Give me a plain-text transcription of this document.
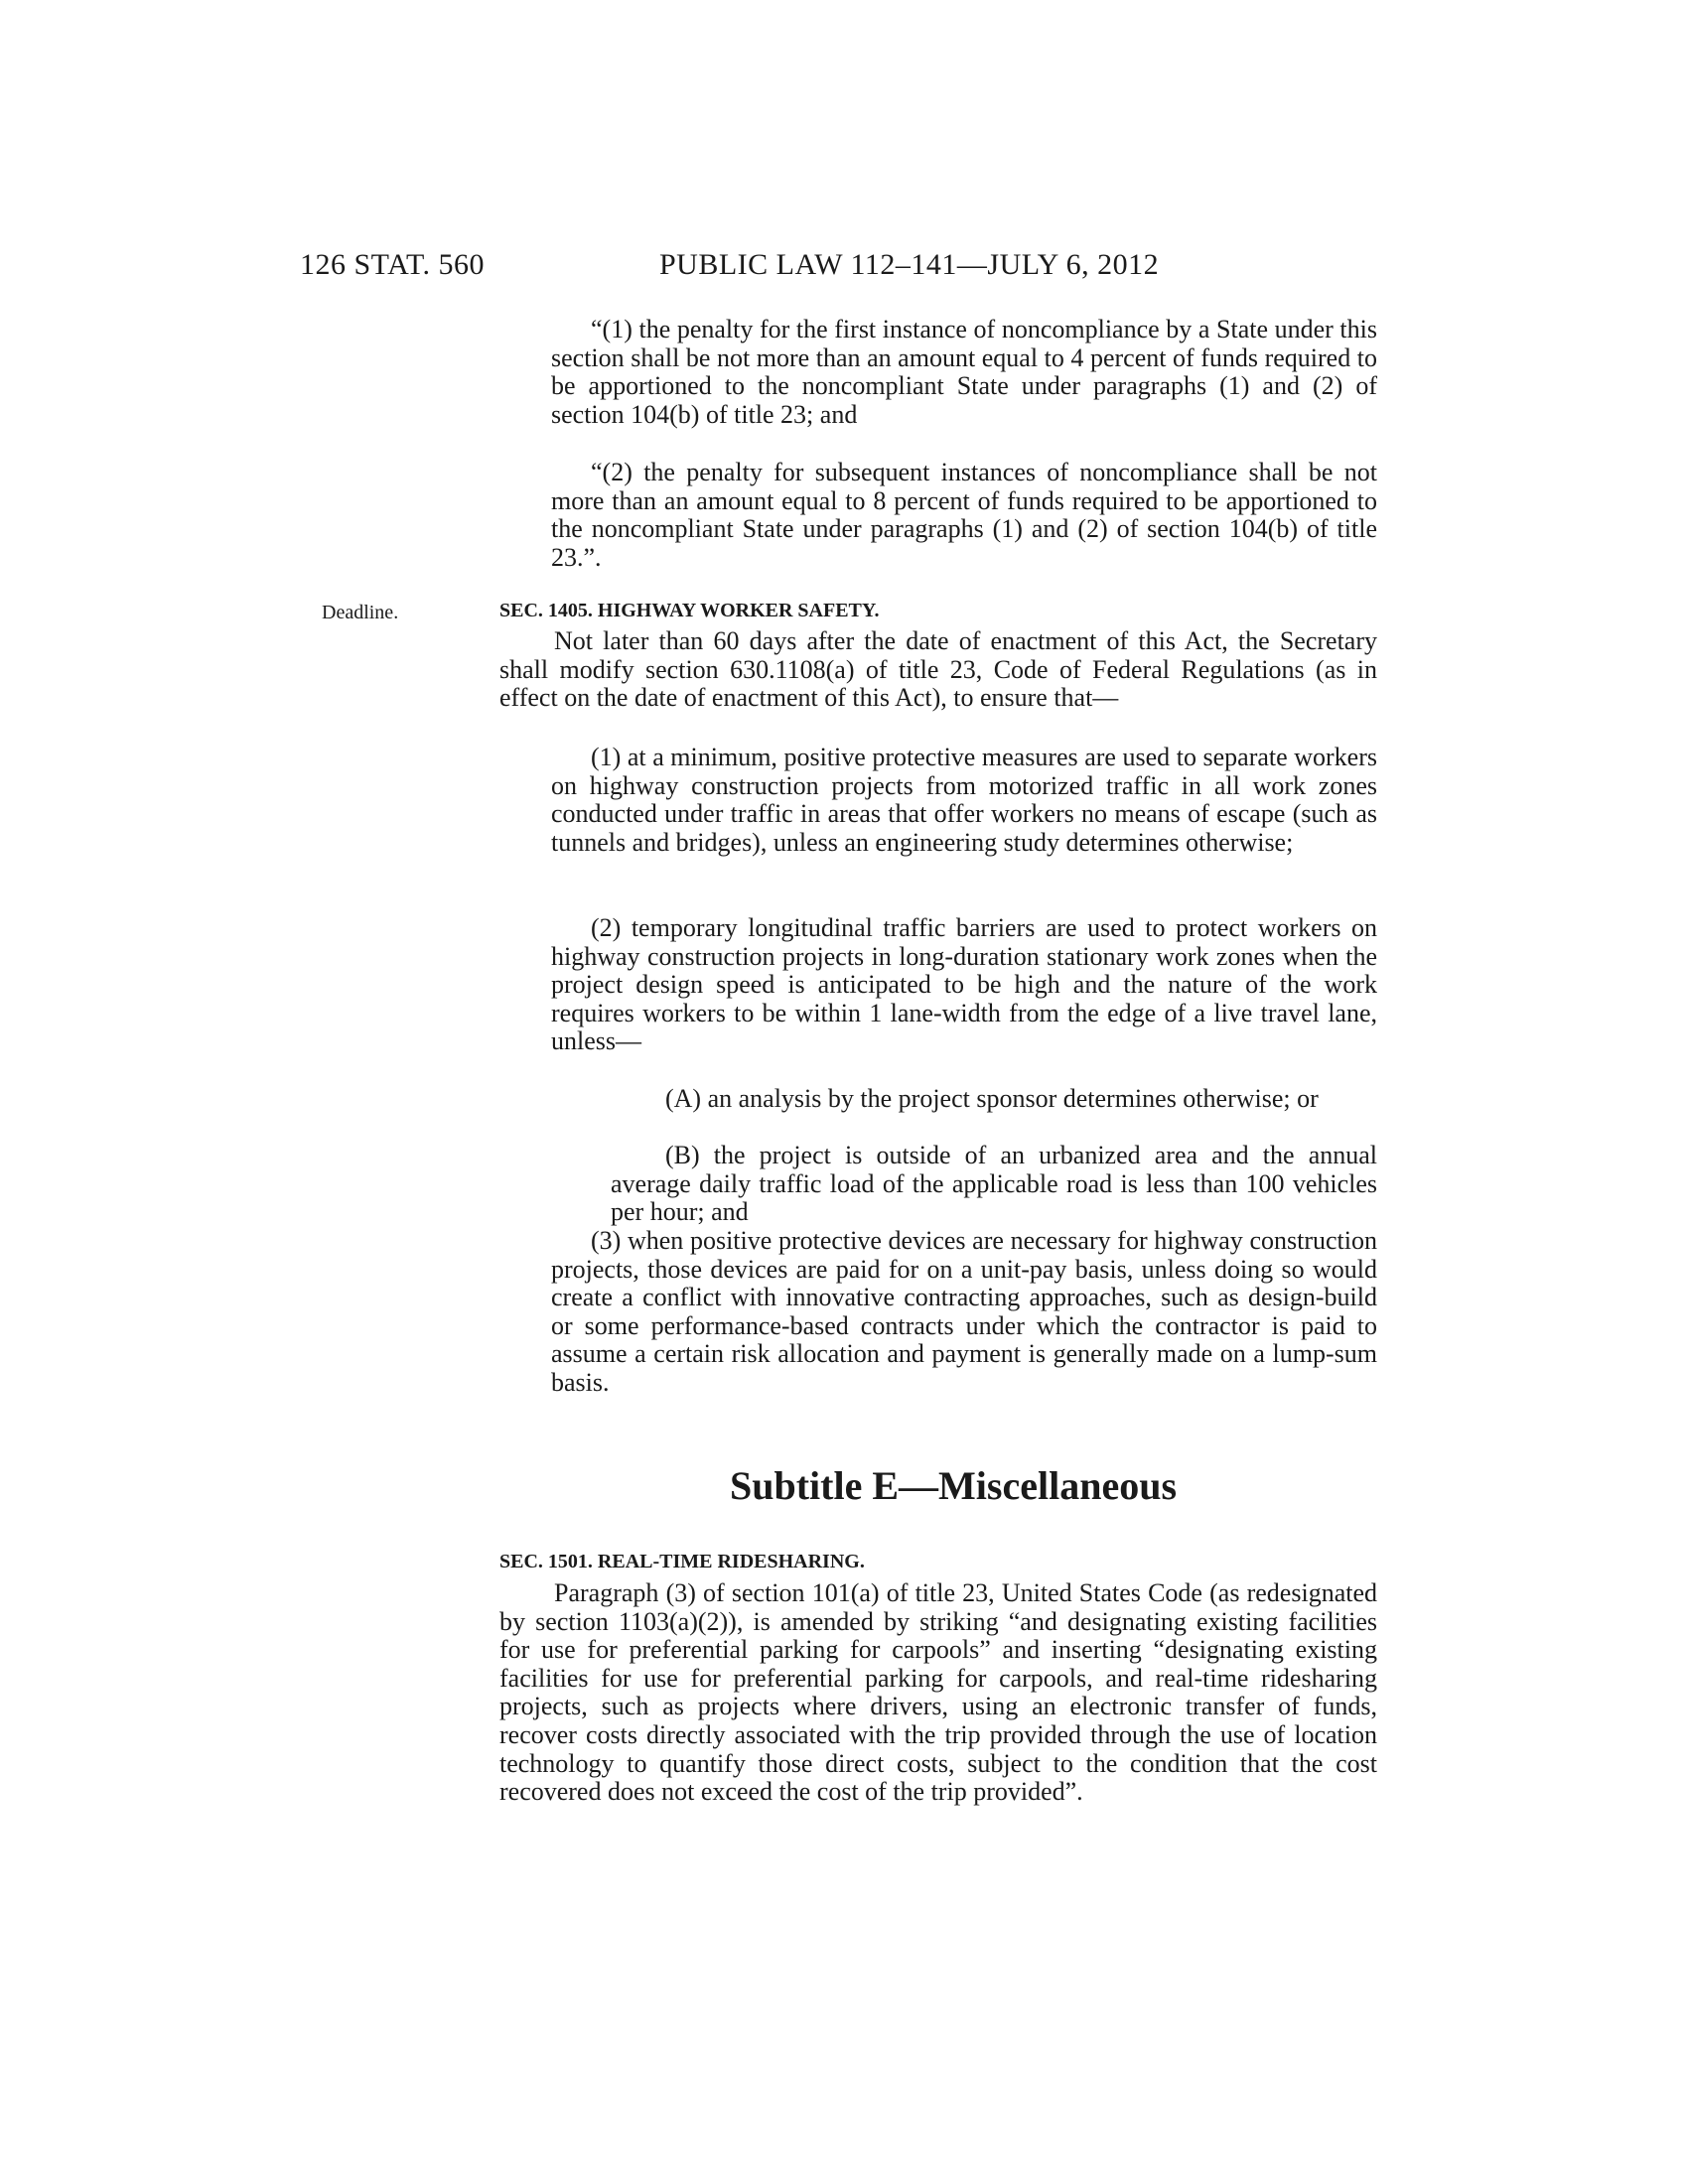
126 STAT. 560	PUBLIC LAW 112–141—JULY 6, 2012

“(1) the penalty for the first instance of noncompliance by a State under this section shall be not more than an amount equal to 4 percent of funds required to be apportioned to the noncompliant State under paragraphs (1) and (2) of section 104(b) of title 23; and

“(2) the penalty for subsequent instances of noncompliance shall be not more than an amount equal to 8 percent of funds required to be apportioned to the noncompliant State under paragraphs (1) and (2) of section 104(b) of title 23.”.

Deadline.	SEC. 1405. HIGHWAY WORKER SAFETY.

Not later than 60 days after the date of enactment of this Act, the Secretary shall modify section 630.1108(a) of title 23, Code of Federal Regulations (as in effect on the date of enactment of this Act), to ensure that—

(1) at a minimum, positive protective measures are used to separate workers on highway construction projects from motorized traffic in all work zones conducted under traffic in areas that offer workers no means of escape (such as tunnels and bridges), unless an engineering study determines otherwise;

(2) temporary longitudinal traffic barriers are used to protect workers on highway construction projects in long-duration stationary work zones when the project design speed is anticipated to be high and the nature of the work requires workers to be within 1 lane-width from the edge of a live travel lane, unless—

(A) an analysis by the project sponsor determines otherwise; or

(B) the project is outside of an urbanized area and the annual average daily traffic load of the applicable road is less than 100 vehicles per hour; and

(3) when positive protective devices are necessary for highway construction projects, those devices are paid for on a unit-pay basis, unless doing so would create a conflict with innovative contracting approaches, such as design-build or some performance-based contracts under which the contractor is paid to assume a certain risk allocation and payment is generally made on a lump-sum basis.

Subtitle E—Miscellaneous
SEC. 1501. REAL-TIME RIDESHARING.

Paragraph (3) of section 101(a) of title 23, United States Code (as redesignated by section 1103(a)(2)), is amended by striking “and designating existing facilities for use for preferential parking for carpools” and inserting “designating existing facilities for use for preferential parking for carpools, and real-time ridesharing projects, such as projects where drivers, using an electronic transfer of funds, recover costs directly associated with the trip provided through the use of location technology to quantify those direct costs, subject to the condition that the cost recovered does not exceed the cost of the trip provided”.
